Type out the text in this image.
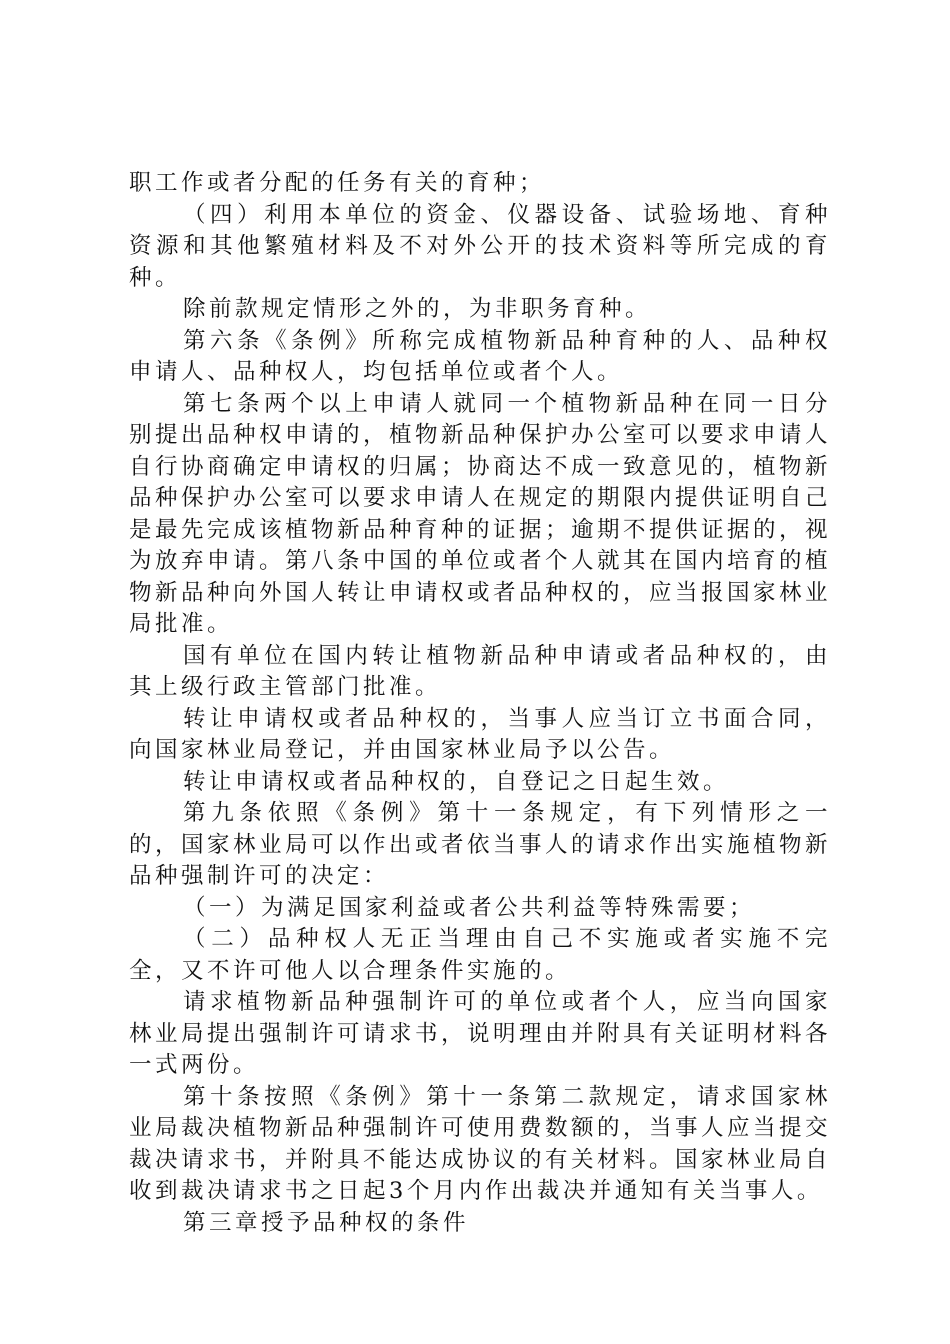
职工作或者分配的任务有关的育种；

（四）利用本单位的资金、仪器设备、试验场地、育种资源和其他繁殖材料及不对外公开的技术资料等所完成的育种。

除前款规定情形之外的，为非职务育种。

第六条《条例》所称完成植物新品种育种的人、品种权申请人、品种权人，均包括单位或者个人。

第七条两个以上申请人就同一个植物新品种在同一日分别提出品种权申请的，植物新品种保护办公室可以要求申请人自行协商确定申请权的归属；协商达不成一致意见的，植物新品种保护办公室可以要求申请人在规定的期限内提供证明自己是最先完成该植物新品种育种的证据；逾期不提供证据的，视为放弃申请。第八条中国的单位或者个人就其在国内培育的植物新品种向外国人转让申请权或者品种权的，应当报国家林业局批准。

国有单位在国内转让植物新品种申请或者品种权的，由其上级行政主管部门批准。

转让申请权或者品种权的，当事人应当订立书面合同，向国家林业局登记，并由国家林业局予以公告。

转让申请权或者品种权的，自登记之日起生效。

第九条依照《条例》第十一条规定，有下列情形之一的，国家林业局可以作出或者依当事人的请求作出实施植物新品种强制许可的决定：

（一）为满足国家利益或者公共利益等特殊需要；

（二）品种权人无正当理由自己不实施或者实施不完全，又不许可他人以合理条件实施的。

请求植物新品种强制许可的单位或者个人，应当向国家林业局提出强制许可请求书，说明理由并附具有关证明材料各一式两份。

第十条按照《条例》第十一条第二款规定，请求国家林业局裁决植物新品种强制许可使用费数额的，当事人应当提交裁决请求书，并附具不能达成协议的有关材料。国家林业局自收到裁决请求书之日起3个月内作出裁决并通知有关当事人。

第三章授予品种权的条件
